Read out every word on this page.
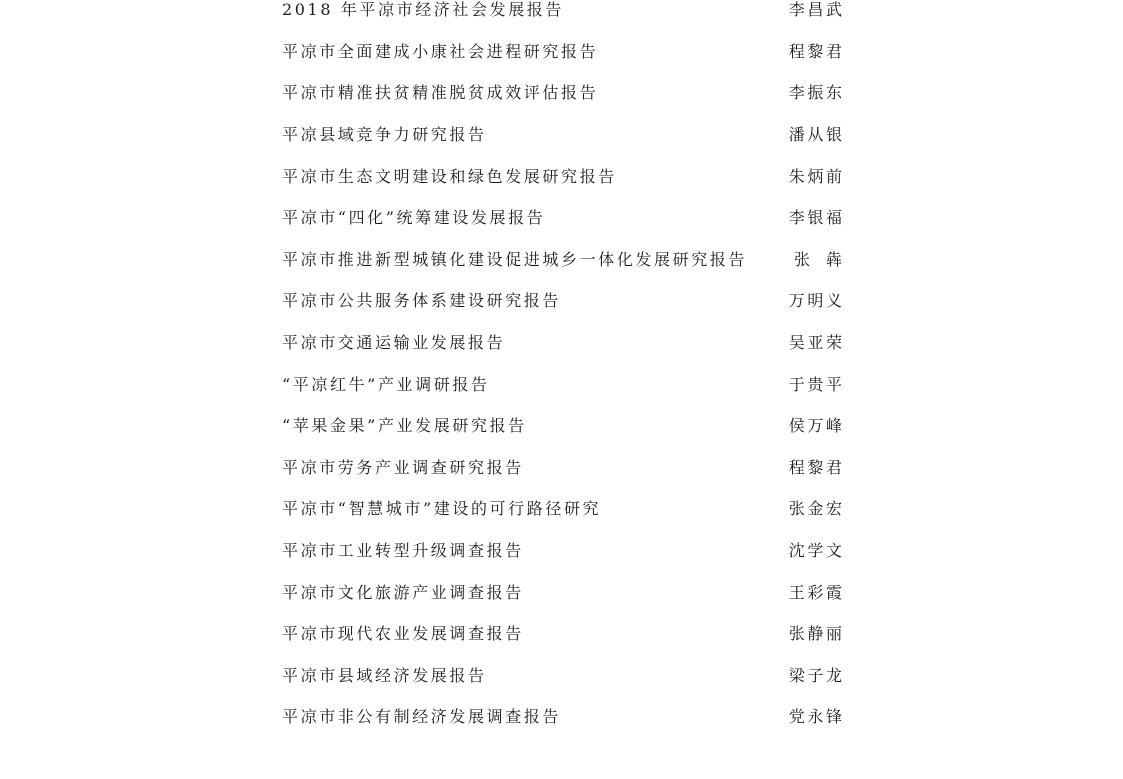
2018 年平凉市经济社会发展报告	李昌武
平凉市全面建成小康社会进程研究报告	程黎君
平凉市精准扶贫精准脱贫成效评估报告	李振东
平凉县域竞争力研究报告	潘从银
平凉市生态文明建设和绿色发展研究报告	朱炳前
平凉市“四化”统筹建设发展报告	李银福
平凉市推进新型城镇化建设促进城乡一体化发展研究报告	张　犇
平凉市公共服务体系建设研究报告	万明义
平凉市交通运输业发展报告	吴亚荣
“平凉红牛”产业调研报告	于贵平
“苹果金果”产业发展研究报告	侯万峰
平凉市劳务产业调查研究报告	程黎君
平凉市“智慧城市”建设的可行路径研究	张金宏
平凉市工业转型升级调查报告	沈学文
平凉市文化旅游产业调查报告	王彩霞
平凉市现代农业发展调查报告	张静丽
平凉市县域经济发展报告	梁子龙
平凉市非公有制经济发展调查报告	党永锋
